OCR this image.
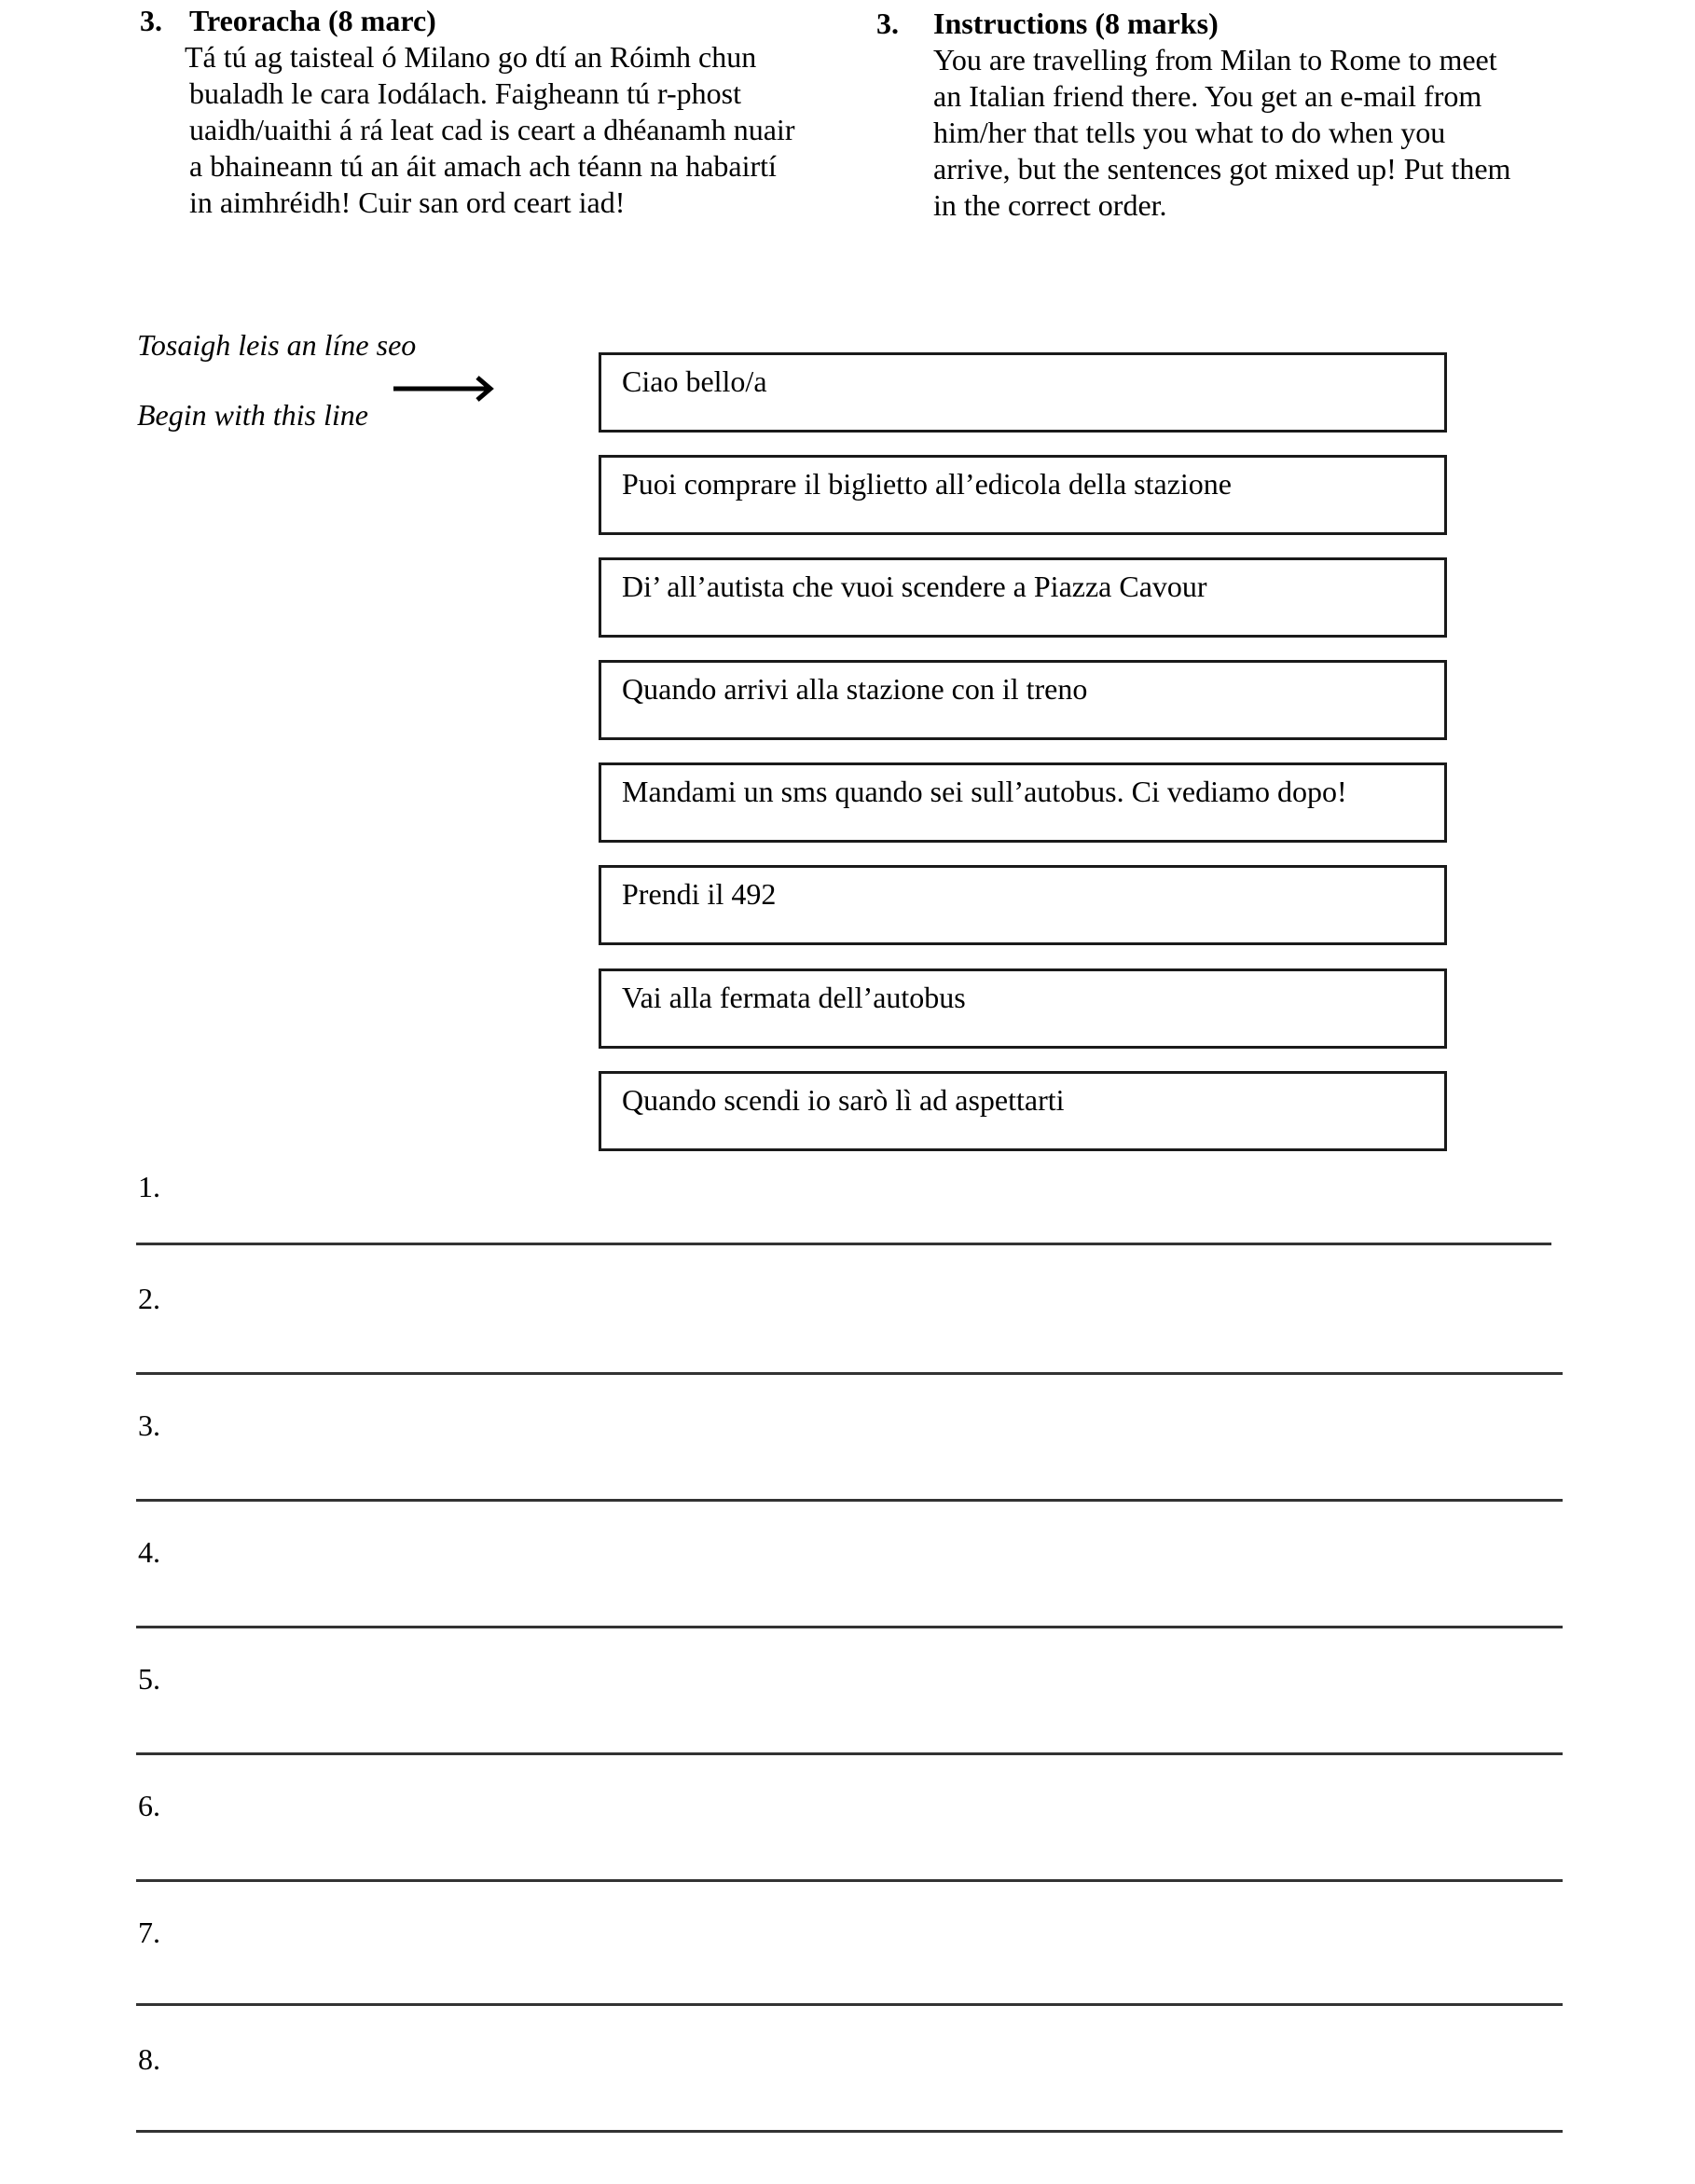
3. Treoracha (8 marc)
Tá tú ag taisteal ó Milano go dtí an Róimh chun
bualadh le cara Iodálach. Faigheann tú r-phost
uaidh/uaithi á rá leat cad is ceart a dhéanamh nuair
a bhaineann tú an áit amach ach téann na habairtí
in aimhréidh! Cuir san ord ceart iad!
3. Instructions (8 marks)
You are travelling from Milan to Rome to meet
an Italian friend there. You get an e-mail from
him/her that tells you what to do when you
arrive, but the sentences got mixed up! Put them
in the correct order.
Tosaigh leis an líne seo
Begin with this line
Ciao bello/a
Puoi comprare il biglietto all’edicola della stazione
Di’ all’autista che vuoi scendere a Piazza Cavour
Quando arrivi alla stazione con il treno
Mandami un sms quando sei sull’autobus. Ci vediamo dopo!
Prendi il 492
Vai alla fermata dell’autobus
Quando scendi io sarò lì ad aspettarti
1.
2.
3.
4.
5.
6.
7.
8.
